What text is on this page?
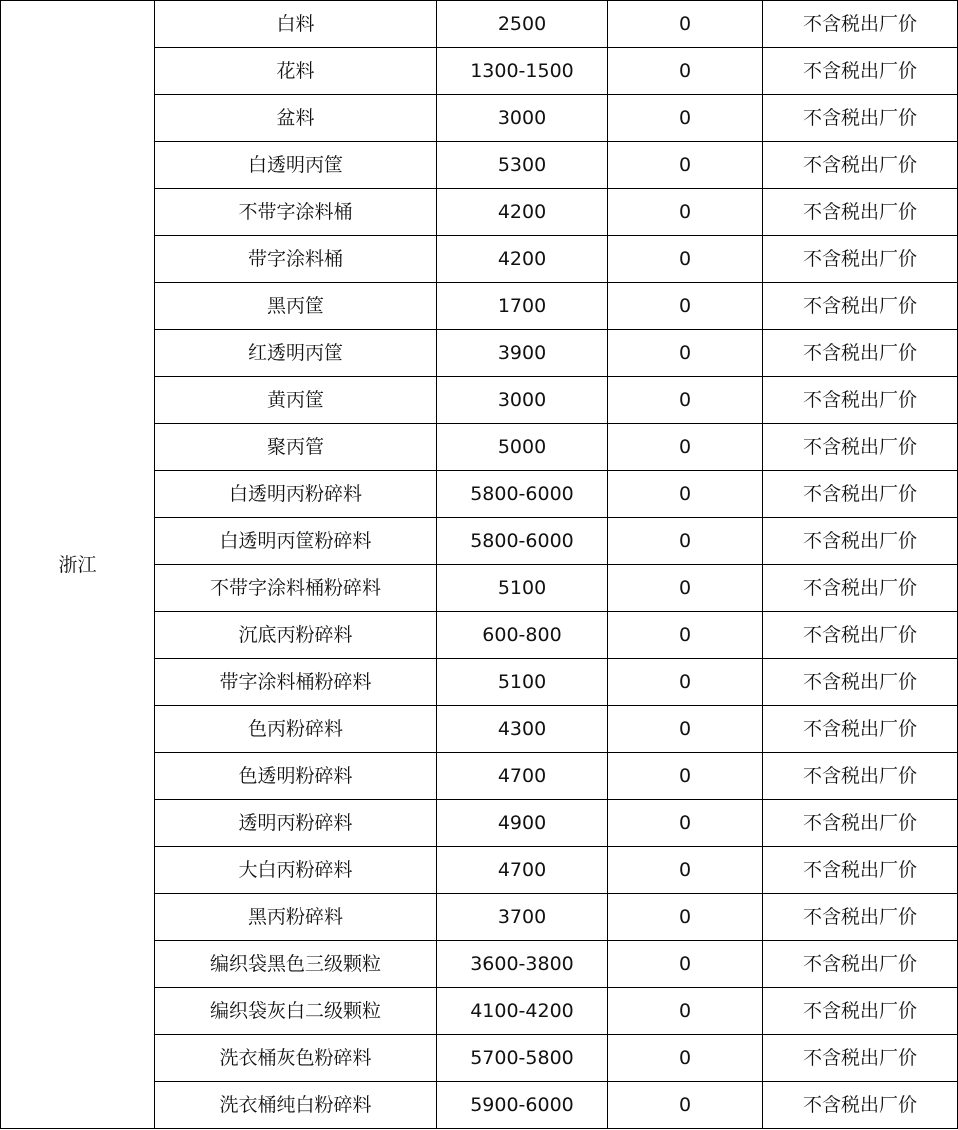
浙江	白料	2500	0	不含税出厂价
	花料	1300-1500	0	不含税出厂价
	盆料	3000	0	不含税出厂价
	白透明丙筐	5300	0	不含税出厂价
	不带字涂料桶	4200	0	不含税出厂价
	带字涂料桶	4200	0	不含税出厂价
	黑丙筐	1700	0	不含税出厂价
	红透明丙筐	3900	0	不含税出厂价
	黄丙筐	3000	0	不含税出厂价
	聚丙管	5000	0	不含税出厂价
	白透明丙粉碎料	5800-6000	0	不含税出厂价
	白透明丙筐粉碎料	5800-6000	0	不含税出厂价
	不带字涂料桶粉碎料	5100	0	不含税出厂价
	沉底丙粉碎料	600-800	0	不含税出厂价
	带字涂料桶粉碎料	5100	0	不含税出厂价
	色丙粉碎料	4300	0	不含税出厂价
	色透明粉碎料	4700	0	不含税出厂价
	透明丙粉碎料	4900	0	不含税出厂价
	大白丙粉碎料	4700	0	不含税出厂价
	黑丙粉碎料	3700	0	不含税出厂价
	编织袋黑色三级颗粒	3600-3800	0	不含税出厂价
	编织袋灰白二级颗粒	4100-4200	0	不含税出厂价
	洗衣桶灰色粉碎料	5700-5800	0	不含税出厂价
	洗衣桶纯白粉碎料	5900-6000	0	不含税出厂价
